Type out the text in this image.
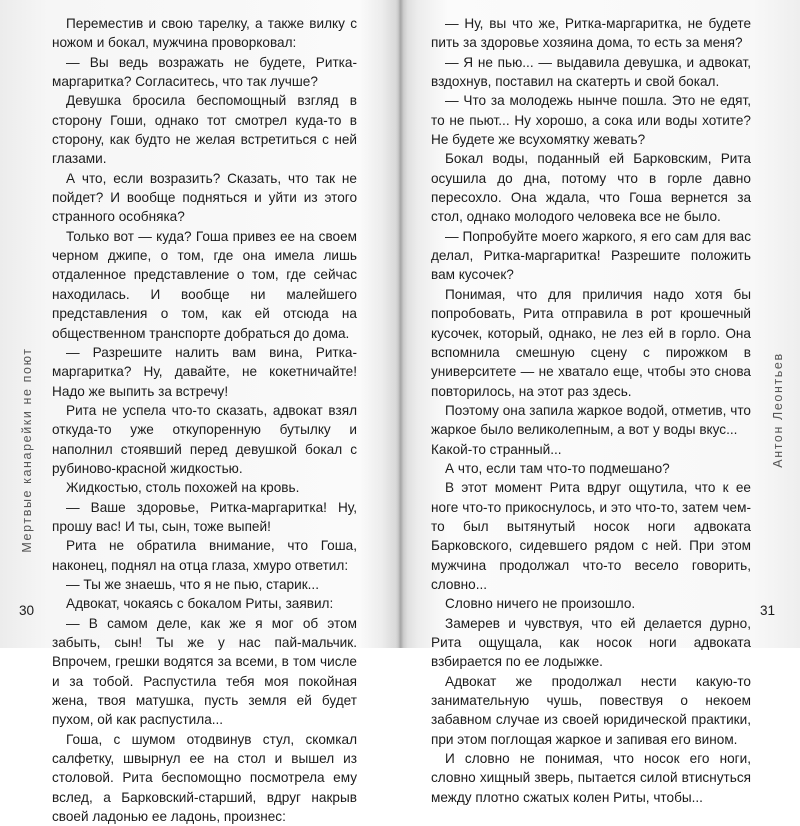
Мертвые канарейки не поют

Переместив и свою тарелку, а также вилку с ножом и бокал, мужчина проворковал:

— Вы ведь возражать не будете, Ритка-маргаритка? Согласитесь, что так лучше?

Девушка бросила беспомощный взгляд в сторону Гоши, однако тот смотрел куда-то в сторону, как будто не желая встретиться с ней глазами.

А что, если возразить? Сказать, что так не пойдет? И вообще подняться и уйти из этого странного особняка?

Только вот — куда? Гоша привез ее на своем черном джипе, о том, где она имела лишь отдаленное представление о том, где сейчас находилась. И вообще ни малейшего представления о том, как ей отсюда на общественном транспорте добраться до дома.

— Разрешите налить вам вина, Ритка-маргаритка? Ну, давайте, не кокетничайте! Надо же выпить за встречу!

Рита не успела что-то сказать, адвокат взял откуда-то уже откупоренную бутылку и наполнил стоявший перед девушкой бокал с рубиново-красной жидкостью.

Жидкостью, столь похожей на кровь.

— Ваше здоровье, Ритка-маргаритка! Ну, прошу вас! И ты, сын, тоже выпей!

Рита не обратила внимание, что Гоша, наконец, поднял на отца глаза, хмуро ответил:

— Ты же знаешь, что я не пью, старик...

Адвокат, чокаясь с бокалом Риты, заявил:

— В самом деле, как же я мог об этом забыть, сын! Ты же у нас пай-мальчик. Впрочем, грешки водятся за всеми, в том числе и за тобой. Распустила тебя моя покойная жена, твоя матушка, пусть земля ей будет пухом, ой как распустила...

Гоша, с шумом отодвинув стул, скомкал салфетку, швырнул ее на стол и вышел из столовой. Рита беспомощно посмотрела ему вслед, а Барковский-старший, вдруг накрыв своей ладонью ее ладонь, произнес:

30

— Ну, вы что же, Ритка-маргаритка, не будете пить за здоровье хозяина дома, то есть за меня?

— Я не пью... — выдавила девушка, и адвокат, вздохнув, поставил на скатерть и свой бокал.

— Что за молодежь нынче пошла. Это не едят, то не пьют... Ну хорошо, а сока или воды хотите? Не будете же всухомятку жевать?

Бокал воды, поданный ей Барковским, Рита осушила до дна, потому что в горле давно пересохло. Она ждала, что Гоша вернется за стол, однако молодого человека все не было.

— Попробуйте моего жаркого, я его сам для вас делал, Ритка-маргаритка! Разрешите положить вам кусочек?

Понимая, что для приличия надо хотя бы попробовать, Рита отправила в рот крошечный кусочек, который, однако, не лез ей в горло. Она вспомнила смешную сцену с пирожком в университете — не хватало еще, чтобы это снова повторилось, на этот раз здесь.

Поэтому она запила жаркое водой, отметив, что жаркое было великолепным, а вот у воды вкус...

Какой-то странный...

А что, если там что-то подмешано?

В этот момент Рита вдруг ощутила, что к ее ноге что-то прикоснулось, и это что-то, затем чем-то был вытянутый носок ноги адвоката Барковского, сидевшего рядом с ней. При этом мужчина продолжал что-то весело говорить, словно...

Словно ничего не произошло.

Замерев и чувствуя, что ей делается дурно, Рита ощущала, как носок ноги адвоката взбирается по ее лодыжке.

Адвокат же продолжал нести какую-то занимательную чушь, повествуя о некоем забавном случае из своей юридической практики, при этом поглощая жаркое и запивая его вином.

И словно не понимая, что носок его ноги, словно хищный зверь, пытается силой втиснуться между плотно сжатых колен Риты, чтобы...

Антон Леонтьев
31
